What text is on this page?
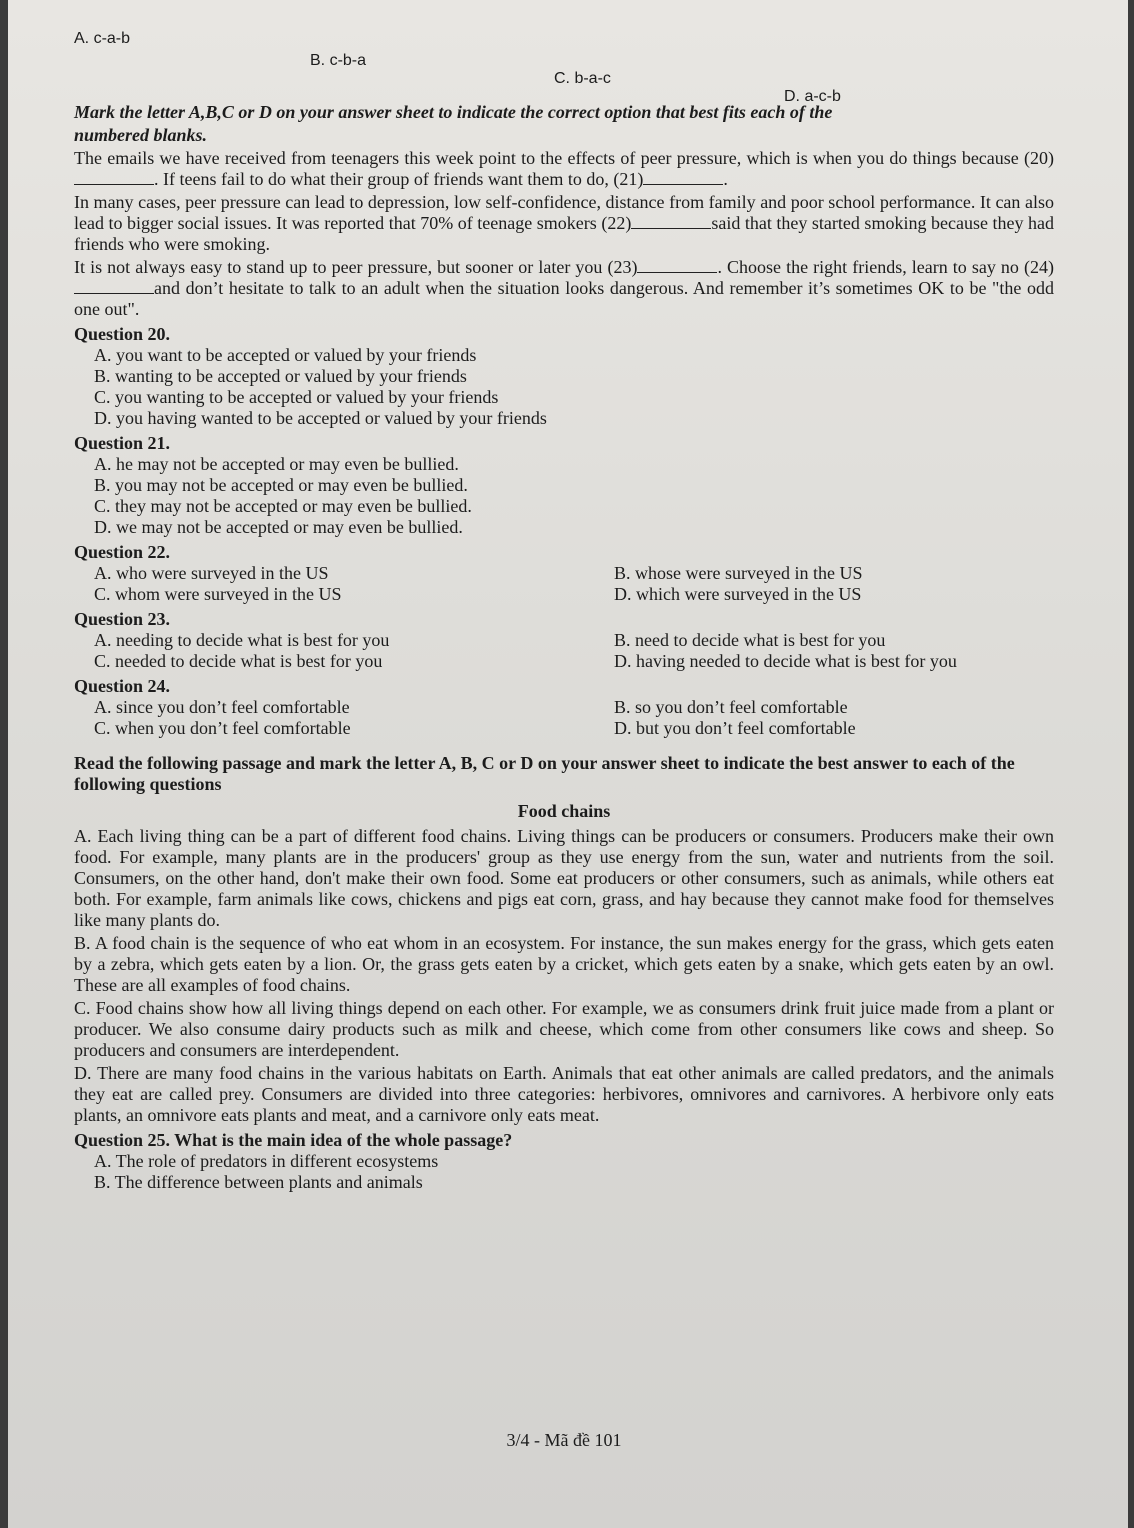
A. c-a-b
B. c-b-a
C. b-a-c
D. a-c-b
Mark the letter A,B,C or D on your answer sheet to indicate the correct option that best fits each of the
numbered blanks.

The emails we have received from teenagers this week point to the effects of peer pressure, which is when you do things because (20). If teens fail to do what their group of friends want them to do, (21)	.

In many cases, peer pressure can lead to depression, low self-confidence, distance from family and poor school performance. It can also lead to bigger social issues. It was reported that 70% of teenage smokers (22)	said that they started smoking because they had friends who were smoking.

It is not always easy to stand up to peer pressure, but sooner or later you (23)	. Choose the right friends, learn to say no (24)and don’t hesitate to talk to an adult when the situation looks dangerous. And remember it’s sometimes OK to be "the odd one out".

Question 20.
A. you want to be accepted or valued by your friends
B. wanting to be accepted or valued by your friends
C. you wanting to be accepted or valued by your friends
D. you having wanted to be accepted or valued by your friends
Question 21.
A. he may not be accepted or may even be bullied.
B. you may not be accepted or may even be bullied.
C. they may not be accepted or may even be bullied.
D. we may not be accepted or may even be bullied.
Question 22.
A. who were surveyed in the US	B. whose were surveyed in the US
C. whom were surveyed in the US	D. which were surveyed in the US
Question 23.
A. needing to decide what is best for you	B. need to decide what is best for you
C. needed to decide what is best for you	D. having needed to decide what is best for you
Question 24.
A. since you don’t feel comfortable	B. so you don’t feel comfortable
C. when you don’t feel comfortable	D. but you don’t feel comfortable
Read the following passage and mark the letter A, B, C or D on your answer sheet to indicate the best answer to each of the following questions
Food chains

A. Each living thing can be a part of different food chains. Living things can be producers or consumers. Producers make their own food. For example, many plants are in the producers' group as they use energy from the sun, water and nutrients from the soil. Consumers, on the other hand, don't make their own food. Some eat producers or other consumers, such as animals, while others eat both. For example, farm animals like cows, chickens and pigs eat corn, grass, and hay because they cannot make food for themselves like many plants do.

B. A food chain is the sequence of who eat whom in an ecosystem. For instance, the sun makes energy for the grass, which gets eaten by a zebra, which gets eaten by a lion. Or, the grass gets eaten by a cricket, which gets eaten by a snake, which gets eaten by an owl. These are all examples of food chains.

C. Food chains show how all living things depend on each other. For example, we as consumers drink fruit juice made from a plant or producer. We also consume dairy products such as milk and cheese, which come from other consumers like cows and sheep. So producers and consumers are interdependent.

D. There are many food chains in the various habitats on Earth. Animals that eat other animals are called predators, and the animals they eat are called prey. Consumers are divided into three categories: herbivores, omnivores and carnivores. A herbivore only eats plants, an omnivore eats plants and meat, and a carnivore only eats meat.

Question 25. What is the main idea of the whole passage?
A. The role of predators in different ecosystems
B. The difference between plants and animals
3/4 - Mã đề 101
